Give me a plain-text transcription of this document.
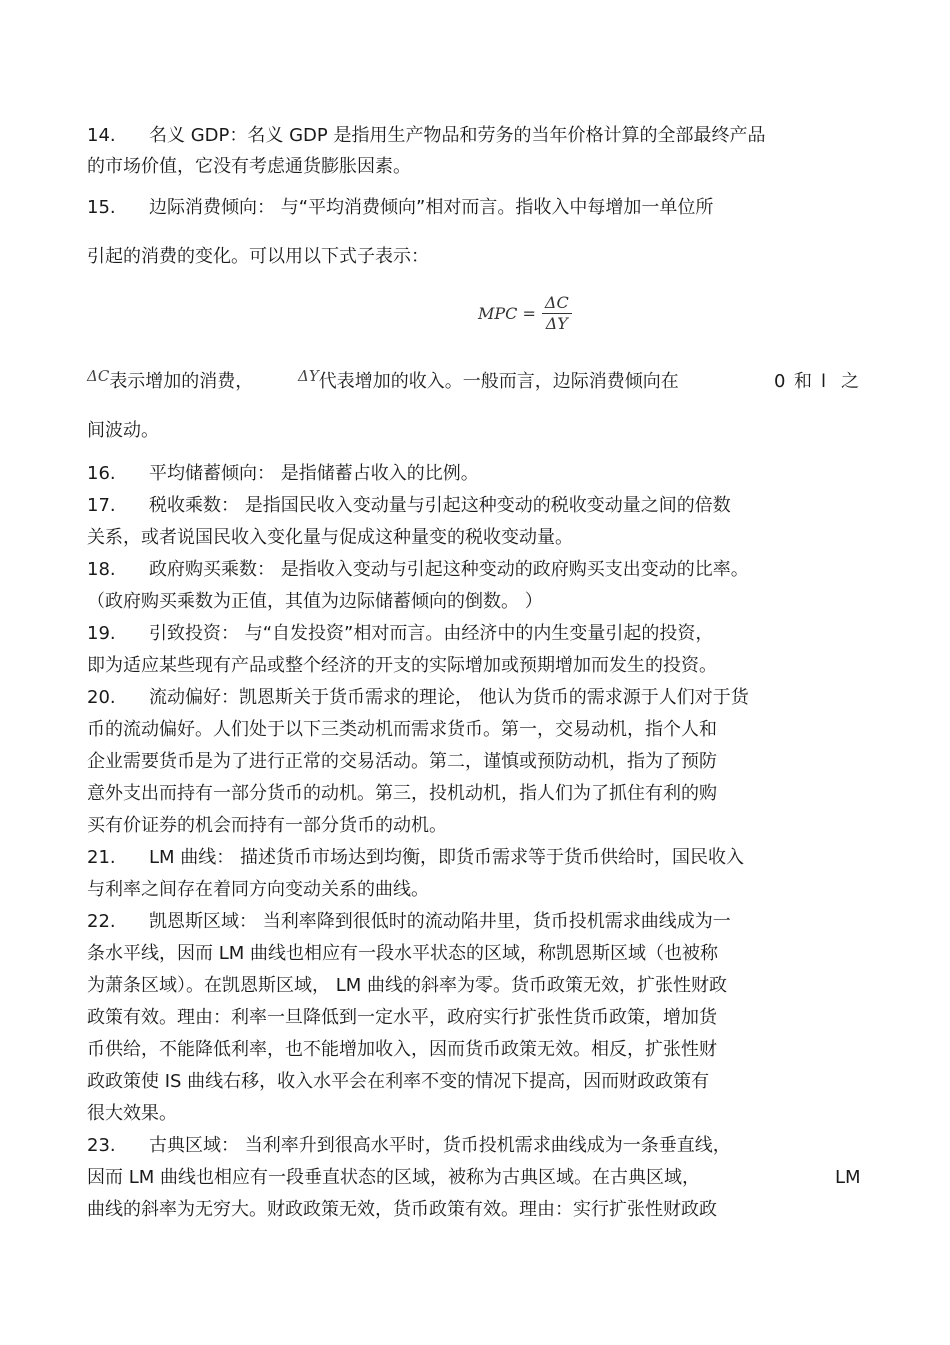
14. 名义 GDP：名义 GDP 是指用生产物品和劳务的当年价格计算的全部最终产品
的市场价值，它没有考虑通货膨胀因素。
15. 边际消费倾向： 与“平均消费倾向”相对而言。指收入中每增加一单位所
引起的消费的变化。可以用以下式子表示：
MPC = $\frac{\Delta C}{\Delta Y}$
$^{\Delta C}$表示增加的消费，	$^{\Delta Y}$代表增加的收入。一般而言，边际消费倾向在	0 和 l 之
间波动。
16. 平均储蓄倾向： 是指储蓄占收入的比例。
17. 税收乘数： 是指国民收入变动量与引起这种变动的税收变动量之间的倍数
关系，或者说国民收入变化量与促成这种量变的税收变动量。
18. 政府购买乘数： 是指收入变动与引起这种变动的政府购买支出变动的比率。
（政府购买乘数为正值，其值为边际储蓄倾向的倒数。 ）
19. 引致投资： 与“自发投资”相对而言。由经济中的内生变量引起的投资，
即为适应某些现有产品或整个经济的开支的实际增加或预期增加而发生的投资。
20. 流动偏好：凯恩斯关于货币需求的理论， 他认为货币的需求源于人们对于货
币的流动偏好。人们处于以下三类动机而需求货币。第一，交易动机，指个人和
企业需要货币是为了进行正常的交易活动。第二，谨慎或预防动机，指为了预防
意外支出而持有一部分货币的动机。第三，投机动机，指人们为了抓住有利的购
买有价证券的机会而持有一部分货币的动机。
21. LM 曲线： 描述货币市场达到均衡，即货币需求等于货币供给时，国民收入
与利率之间存在着同方向变动关系的曲线。
22. 凯恩斯区域： 当利率降到很低时的流动陷井里，货币投机需求曲线成为一
条水平线，因而 LM 曲线也相应有一段水平状态的区域，称凯恩斯区域（也被称
为萧条区域）。在凯恩斯区域， LM 曲线的斜率为零。货币政策无效，扩张性财政
政策有效。理由：利率一旦降低到一定水平，政府实行扩张性货币政策，增加货
币供给，不能降低利率，也不能增加收入，因而货币政策无效。相反，扩张性财
政政策使 IS 曲线右移，收入水平会在利率不变的情况下提高，因而财政政策有
很大效果。
23. 古典区域： 当利率升到很高水平时，货币投机需求曲线成为一条垂直线，
因而 LM 曲线也相应有一段垂直状态的区域，被称为古典区域。在古典区域，	LM
曲线的斜率为无穷大。财政政策无效，货币政策有效。理由：实行扩张性财政政
